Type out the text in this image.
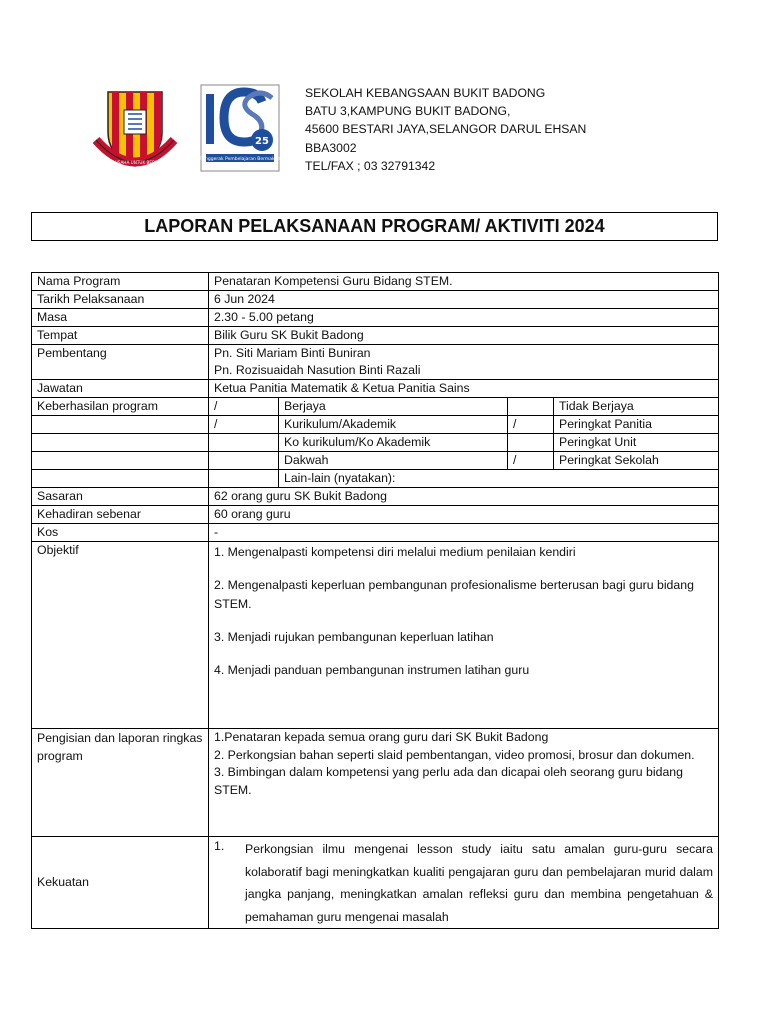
BERUSAHA UNTUK BERJAYA
25
Penggerak Pembelajaran Bermakna
SEKOLAH KEBANGSAAN BUKIT BADONG
BATU 3,KAMPUNG BUKIT BADONG,
45600 BESTARI JAYA,SELANGOR DARUL EHSAN
BBA3002
TEL/FAX ; 03 32791342
LAPORAN PELAKSANAAN PROGRAM/ AKTIVITI 2024
Nama Program	Penataran Kompetensi Guru Bidang STEM.			
Tarikh Pelaksanaan	6 Jun 2024			
Masa	2.30 - 5.00 petang			
Tempat	Bilik Guru SK Bukit Badong			
Pembentang	Pn. Siti Mariam Binti Buniran
Pn. Rozisuaidah Nasution Binti Razali			

Jawatan	Ketua Panitia Matematik & Ketua Panitia Sains			
Keberhasilan program	/	Berjaya		Tidak Berjaya
	/	Kurikulum/Akademik	/	Peringkat Panitia
		Ko kurikulum/Ko Akademik		Peringkat Unit
		Dakwah	/	Peringkat Sekolah
		Lain-lain (nyatakan):		
Sasaran	62 orang guru SK Bukit Badong			
Kehadiran sebenar	60 orang guru			
Kos	-			
Objektif	1. Mengenalpasti kompetensi diri melalui medium penilaian kendiri

2. Mengenalpasti keperluan pembangunan profesionalisme berterusan bagi guru bidang STEM.

3. Menjadi rujukan pembangunan keperluan latihan

4. Menjadi panduan pembangunan instrumen latihan guru			

Pengisian dan laporan ringkas program	1.Penataran kepada semua orang guru dari SK Bukit Badong
2. Perkongsian bahan seperti slaid pembentangan, video promosi, brosur dan dokumen.
3. Bimbingan dalam kompetensi yang perlu ada dan dicapai oleh seorang guru bidang STEM.			

Kekuatan	1. Perkongsian ilmu mengenai lesson study iaitu satu amalan guru-guru secara kolaboratif bagi meningkatkan kualiti pengajaran guru dan pembelajaran murid dalam jangka panjang, meningkatkan amalan refleksi guru dan membina pengetahuan & pemahaman guru mengenai masalah			
